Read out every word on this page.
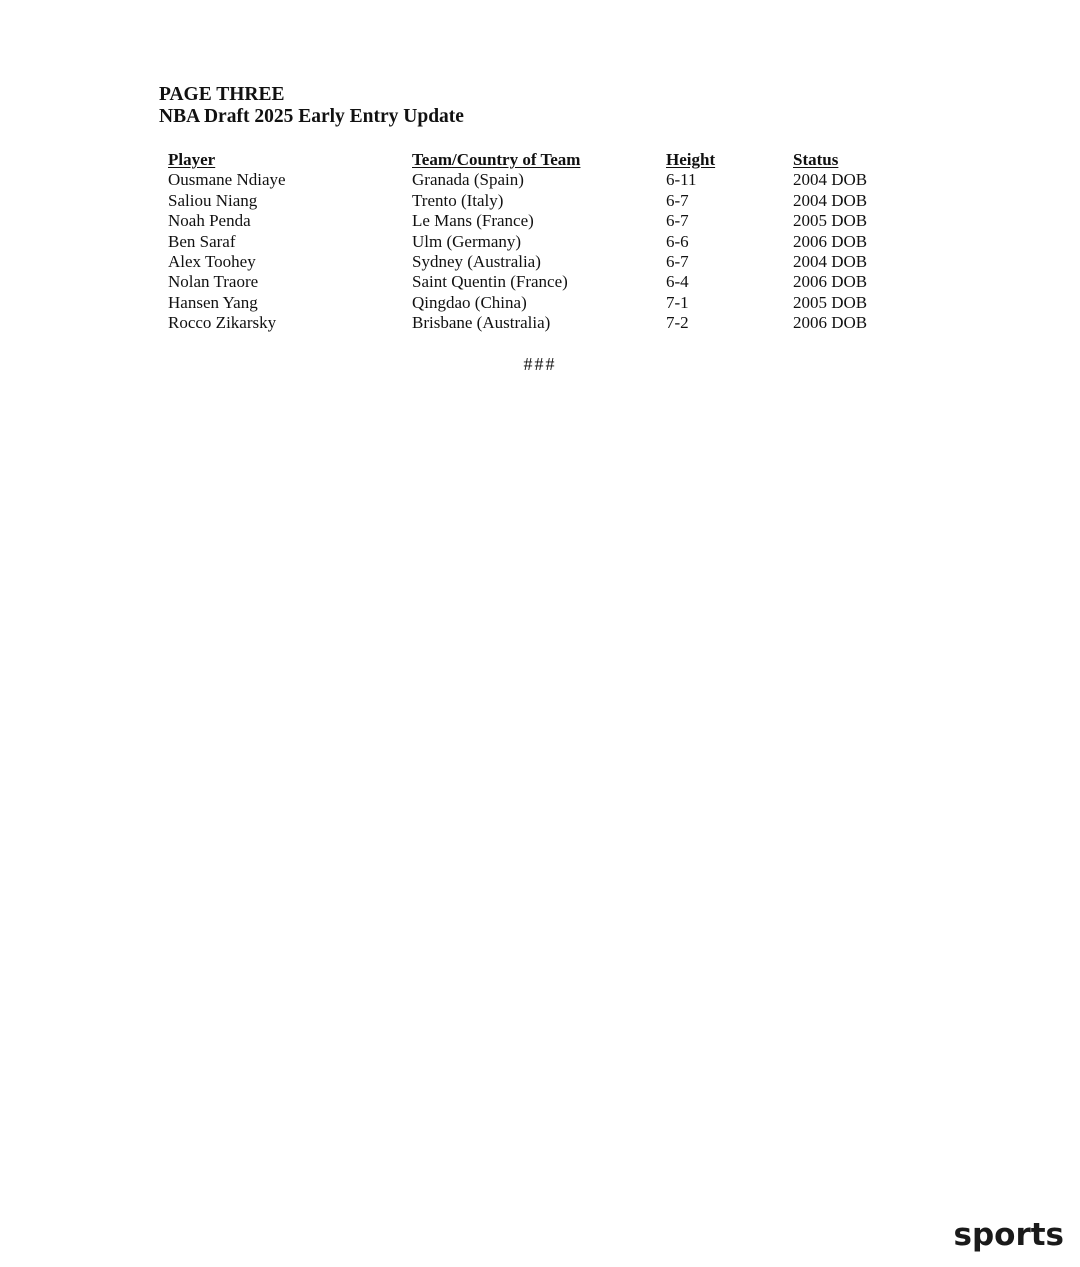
PAGE THREE
NBA Draft 2025 Early Entry Update
Player	Team/Country of Team	Height	Status
Ousmane Ndiaye	Granada (Spain)	6-11	2004 DOB
Saliou Niang	Trento (Italy)	6-7	2004 DOB
Noah Penda	Le Mans (France)	6-7	2005 DOB
Ben Saraf	Ulm (Germany)	6-6	2006 DOB
Alex Toohey	Sydney (Australia)	6-7	2004 DOB
Nolan Traore	Saint Quentin (France)	6-4	2006 DOB
Hansen Yang	Qingdao (China)	7-1	2005 DOB
Rocco Zikarsky	Brisbane (Australia)	7-2	2006 DOB
###
sports
